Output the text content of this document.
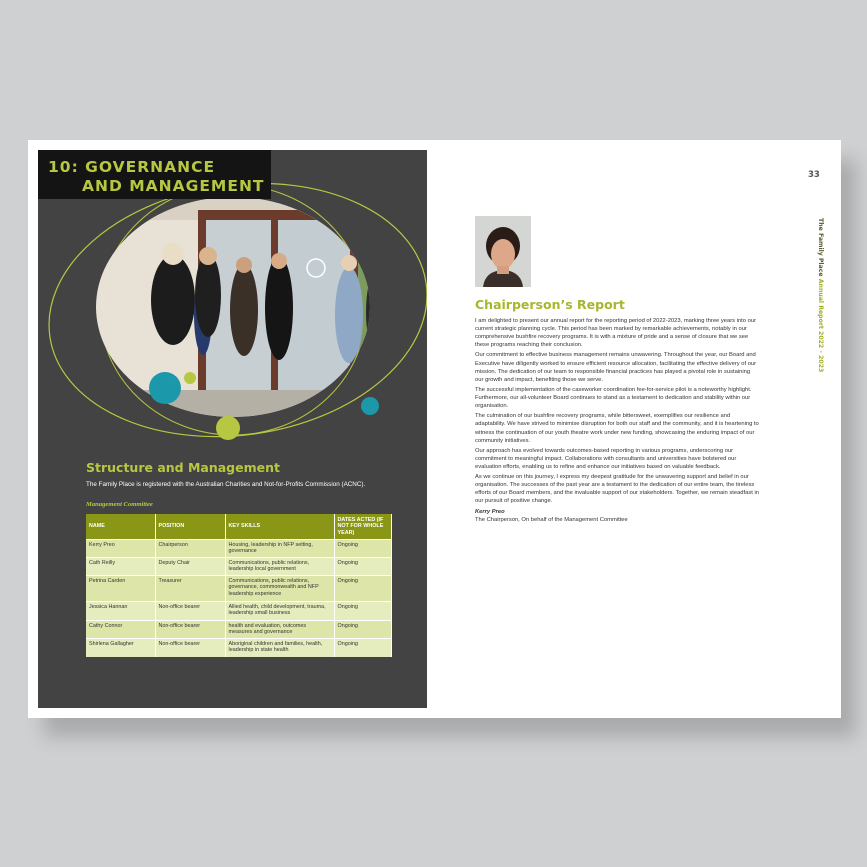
10: GOVERNANCE
AND MANAGEMENT
Structure and Management
The Family Place is registered with the Australian Charities and Not-for-Profits Commission (ACNC).
Management Committee
NAME	POSITION	KEY SKILLS	DATES ACTED (IF NOT FOR WHOLE YEAR)
Kerry Preo	Chairperson	Housing, leadership in NFP setting, governance	Ongoing
Cath Reilly	Deputy Chair	Communications, public relations, leadership local government	Ongoing
Petrina Carden	Treasurer	Communications, public relations, governance, commonwealth and NFP leadership experience	Ongoing
Jessica Hannan	Non-office bearer	Allied health, child development, trauma, leadership small business	Ongoing
Cathy Connor	Non-office bearer	health and evaluation, outcomes measures and governance	Ongoing
Shirlena Gallagher	Non-office bearer	Aboriginal children and families, health, leadership in state health	Ongoing
33
The Family Place Annual Report 2022 - 2023
Chairperson’s Report

I am delighted to present our annual report for the reporting period of 2022-2023, marking three years into our current strategic planning cycle. This period has been marked by remarkable achievements, notably in our comprehensive bushfire recovery programs. It is with a mixture of pride and a sense of closure that we see these programs reaching their conclusion.

Our commitment to effective business management remains unwavering. Throughout the year, our Board and Executive have diligently worked to ensure efficient resource allocation, facilitating the effective delivery of our mission. The dedication of our team to responsible financial practices has played a pivotal role in sustaining our growth and impact, benefiting those we serve.

The successful implementation of the caseworker coordination fee-for-service pilot is a noteworthy highlight. Furthermore, our all-volunteer Board continues to stand as a testament to dedication and stability within our organisation.

The culmination of our bushfire recovery programs, while bittersweet, exemplifies our resilience and adaptability. We have strived to minimise disruption for both our staff and the community, and it is heartening to witness the continuation of our youth theatre work under new funding, showcasing the enduring impact of our community initiatives.

Our approach has evolved towards outcomes-based reporting in various programs, underscoring our commitment to meaningful impact. Collaborations with consultants and universities have bolstered our evaluation efforts, enabling us to refine and enhance our initiatives based on valuable feedback.

As we continue on this journey, I express my deepest gratitude for the unwavering support and belief in our organisation. The successes of the past year are a testament to the dedication of our entire team, the tireless efforts of our Board members, and the invaluable support of our stakeholders. Together, we remain steadfast in our pursuit of positive change.

Kerry Preo
The Chairperson, On behalf of the Management Committee
